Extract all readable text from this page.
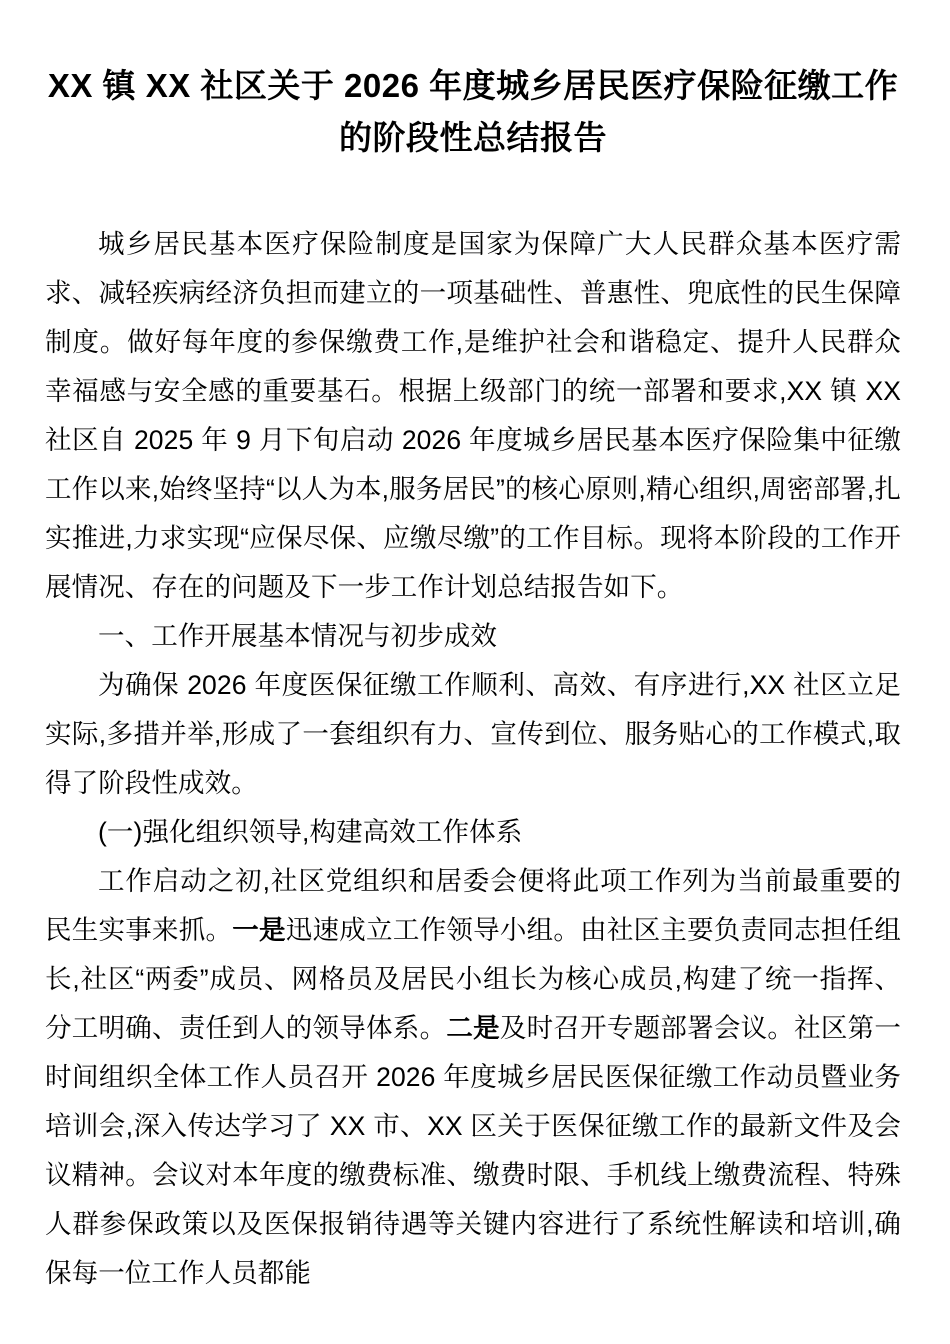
XX 镇 XX 社区关于 2026 年度城乡居民医疗保险征缴工作的阶段性总结报告

城乡居民基本医疗保险制度是国家为保障广大人民群众基本医疗需求、减轻疾病经济负担而建立的一项基础性、普惠性、兜底性的民生保障制度。做好每年度的参保缴费工作,是维护社会和谐稳定、提升人民群众幸福感与安全感的重要基石。根据上级部门的统一部署和要求,XX 镇 XX 社区自 2025 年 9 月下旬启动 2026 年度城乡居民基本医疗保险集中征缴工作以来,始终坚持“以人为本,服务居民”的核心原则,精心组织,周密部署,扎实推进,力求实现“应保尽保、应缴尽缴”的工作目标。现将本阶段的工作开展情况、存在的问题及下一步工作计划总结报告如下。

一、工作开展基本情况与初步成效

为确保 2026 年度医保征缴工作顺利、高效、有序进行,XX 社区立足实际,多措并举,形成了一套组织有力、宣传到位、服务贴心的工作模式,取得了阶段性成效。

(一)强化组织领导,构建高效工作体系

工作启动之初,社区党组织和居委会便将此项工作列为当前最重要的民生实事来抓。一是迅速成立工作领导小组。由社区主要负责同志担任组长,社区“两委”成员、网格员及居民小组长为核心成员,构建了统一指挥、分工明确、责任到人的领导体系。二是及时召开专题部署会议。社区第一时间组织全体工作人员召开 2026 年度城乡居民医保征缴工作动员暨业务培训会,深入传达学习了 XX 市、XX 区关于医保征缴工作的最新文件及会议精神。会议对本年度的缴费标准、缴费时限、手机线上缴费流程、特殊人群参保政策以及医保报销待遇等关键内容进行了系统性解读和培训,确保每一位工作人员都能
